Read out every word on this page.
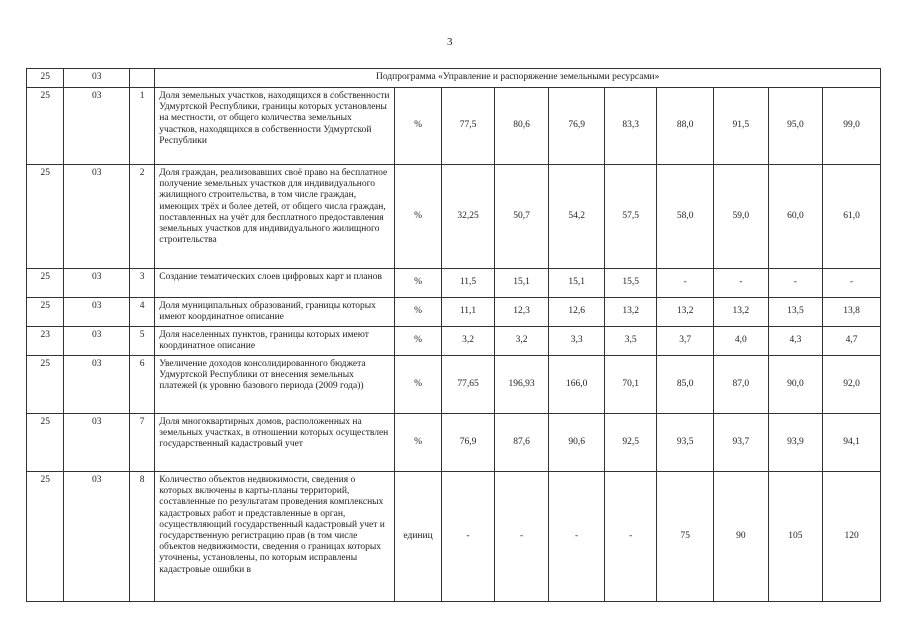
3
25	03		Подпрограмма «Управление и распоряжение земельными ресурсами»									
25	03	1	Доля земельных участков, находящихся в собственности Удмуртской Республики, границы которых установлены на местности, от общего количества земельных участков, находящихся в собственности Удмуртской Республики	%	77,5	80,6	76,9	83,3	88,0	91,5	95,0	99,0
25	03	2	Доля граждан, реализовавших своё право на бесплатное получение земельных участков для индивидуального жилищного строительства, в том числе граждан, имеющих трёх и более детей, от общего числа граждан, поставленных на учёт для бесплатного предоставления земельных участков для индивидуального жилищного строительства	%	32,25	50,7	54,2	57,5	58,0	59,0	60,0	61,0
25	03	3	Создание тематических слоев цифровых карт и планов	%	11,5	15,1	15,1	15,5	-	-	-	-
25	03	4	Доля муниципальных образований, границы которых имеют координатное описание	%	11,1	12,3	12,6	13,2	13,2	13,2	13,5	13,8
23	03	5	Доля населенных пунктов, границы которых имеют координатное описание	%	3,2	3,2	3,3	3,5	3,7	4,0	4,3	4,7
25	03	6	Увеличение доходов консолидированного бюджета Удмуртской Республики от внесения земельных платежей (к уровню базового периода (2009 года))	%	77,65	196,93	166,0	70,1	85,0	87,0	90,0	92,0
25	03	7	Доля многоквартирных домов, расположенных на земельных участках, в отношении которых осуществлен государственный кадастровый учет	%	76,9	87,6	90,6	92,5	93,5	93,7	93,9	94,1
25	03	8	Количество объектов недвижимости, сведения о которых включены в карты-планы территорий, составленные по результатам проведения комплексных кадастровых работ и представленные в орган, осуществляющий государственный кадастровый учет и государственную регистрацию прав (в том числе объектов недвижимости, сведения о границах которых уточнены, установлены, по которым исправлены кадастровые ошибки в	единиц	-	-	-	-	75	90	105	120
